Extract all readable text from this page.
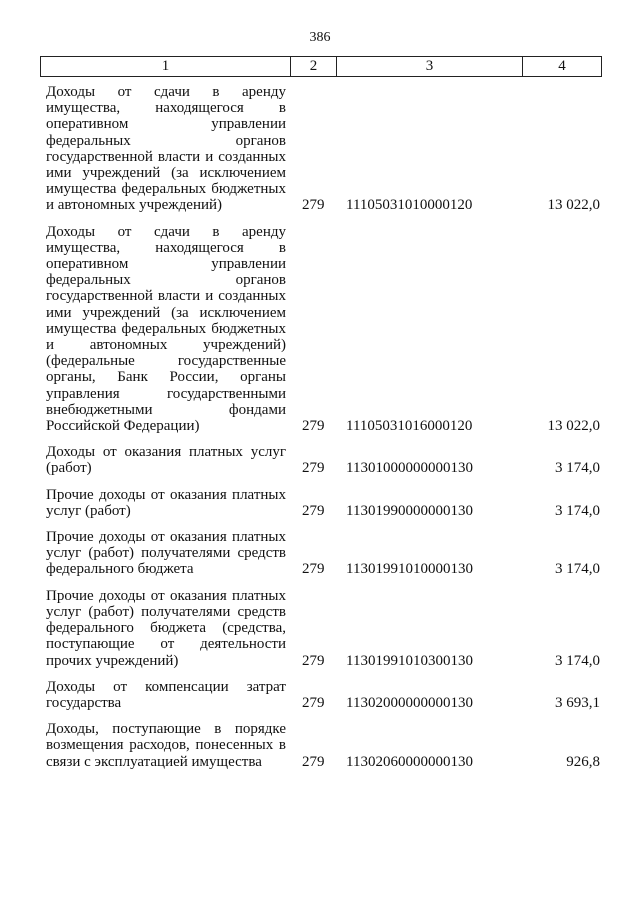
386
1	2	3	4
Доходы от сдачи в аренду имущества, находящегося в оперативном управлении федеральных органов государственной власти и созданных ими учреждений (за исключением имущества федеральных бюджетных и автономных учреждений)	279	11105031010000120	13 022,0
Доходы от сдачи в аренду имущества, находящегося в оперативном управлении федеральных органов государственной власти и созданных ими учреждений (за исключением имущества федеральных бюджетных и автономных учреждений) (федеральные государственные органы, Банк России, органы управления государственными внебюджетными фондами Российской Федерации)	279	11105031016000120	13 022,0
Доходы от оказания платных услуг (работ)	279	11301000000000130	3 174,0
Прочие доходы от оказания платных услуг (работ)	279	11301990000000130	3 174,0
Прочие доходы от оказания платных услуг (работ) получателями средств федерального бюджета	279	11301991010000130	3 174,0
Прочие доходы от оказания платных услуг (работ) получателями средств федерального бюджета (средства, поступающие от деятельности прочих учреждений)	279	11301991010300130	3 174,0
Доходы от компенсации затрат государства	279	11302000000000130	3 693,1
Доходы, поступающие в порядке возмещения расходов, понесенных в связи с эксплуатацией имущества	279	11302060000000130	926,8
